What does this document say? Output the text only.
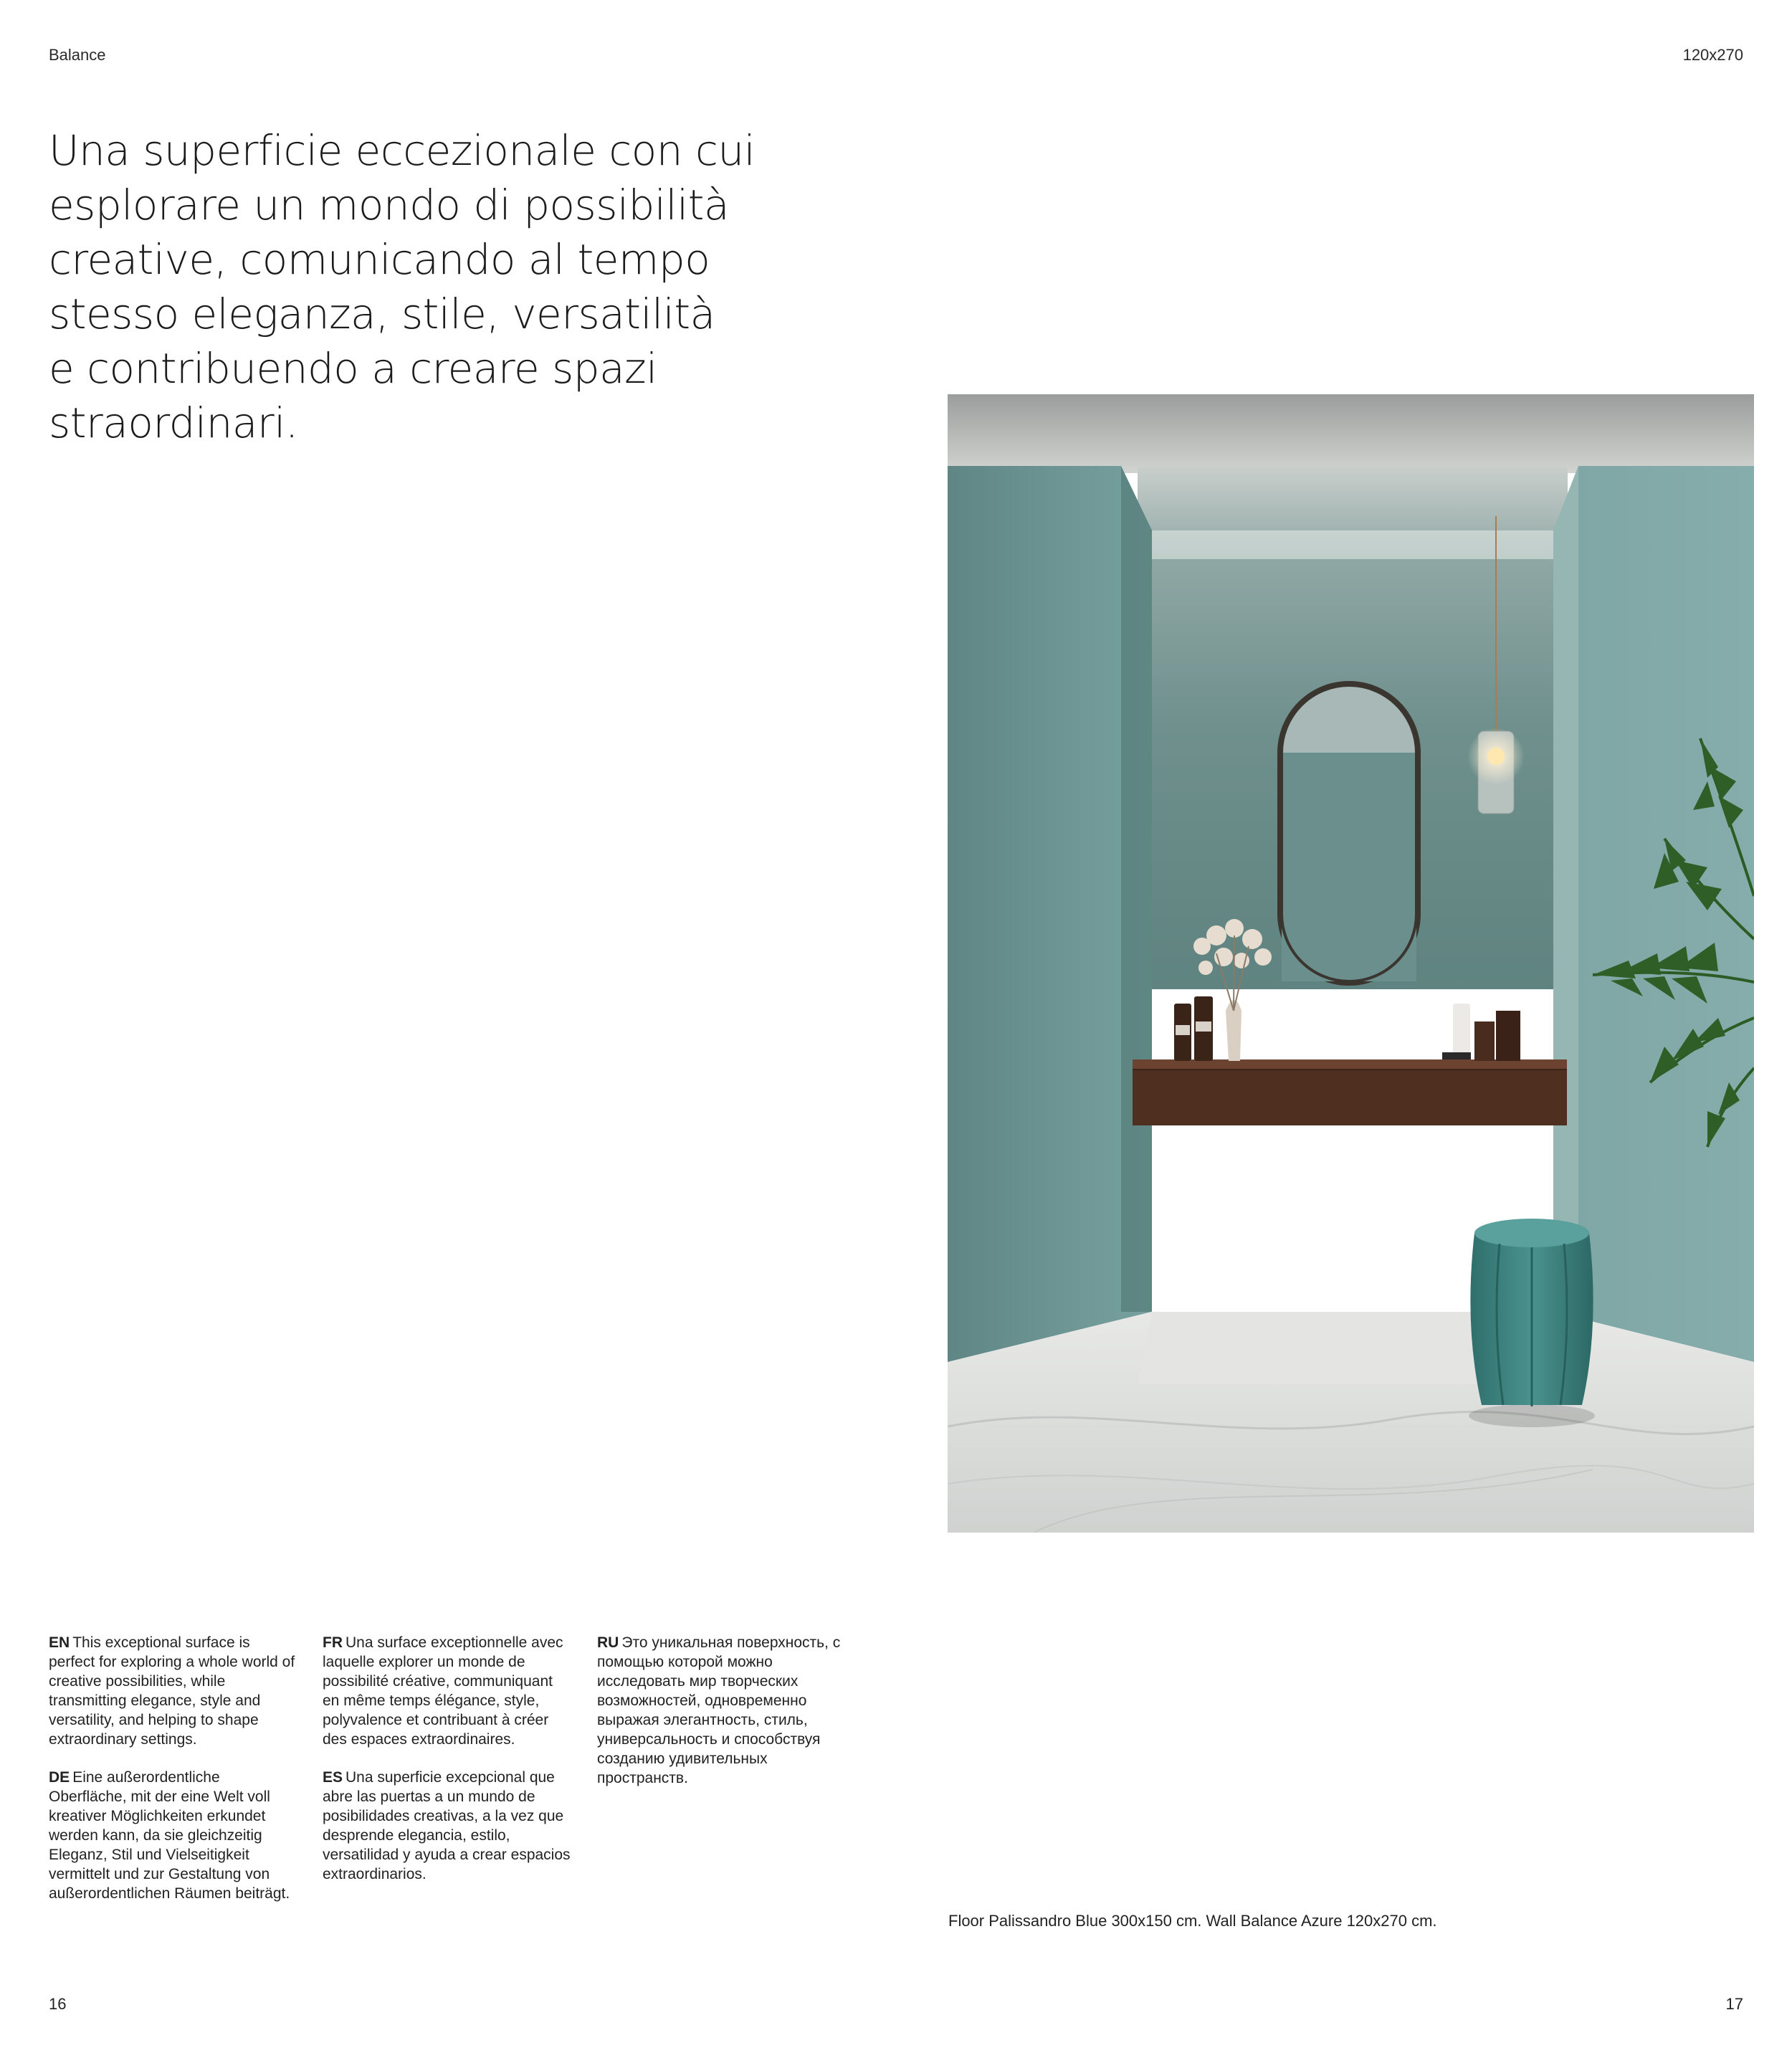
Balance	120x270
Una superficie eccezionale con cui
esplorare un mondo di possibilità
creative, comunicando al tempo
stesso eleganza, stile, versatilità
e contribuendo a creare spazi
straordinari.

EN This exceptional surface is perfect for exploring a whole world of creative possibilities, while transmitting elegance, style and versatility, and helping to shape extraordinary settings.

DE Eine außerordentliche Oberfläche, mit der eine Welt voll kreativer Möglichkeiten erkundet werden kann, da sie gleichzeitig Eleganz, Stil und Vielseitigkeit vermittelt und zur Gestaltung von außerordentlichen Räumen beiträgt.

FR Una surface exceptionnelle avec laquelle explorer un monde de possibilité créative, communiquant en même temps élégance, style, polyvalence et contribuant à créer des espaces extraordinaires.

ES Una superficie excepcional que abre las puertas a un mundo de posibilidades creativas, a la vez que desprende elegancia, estilo, versatilidad y ayuda a crear espacios extraordinarios.

RU Это уникальная поверхность, с помощью которой можно исследовать мир творческих возможностей, одновременно выражая элегантность, стиль, универсальность и способствуя созданию удивительных пространств.

Floor Palissandro Blue 300x150 cm. Wall Balance Azure 120x270 cm.
16	17
